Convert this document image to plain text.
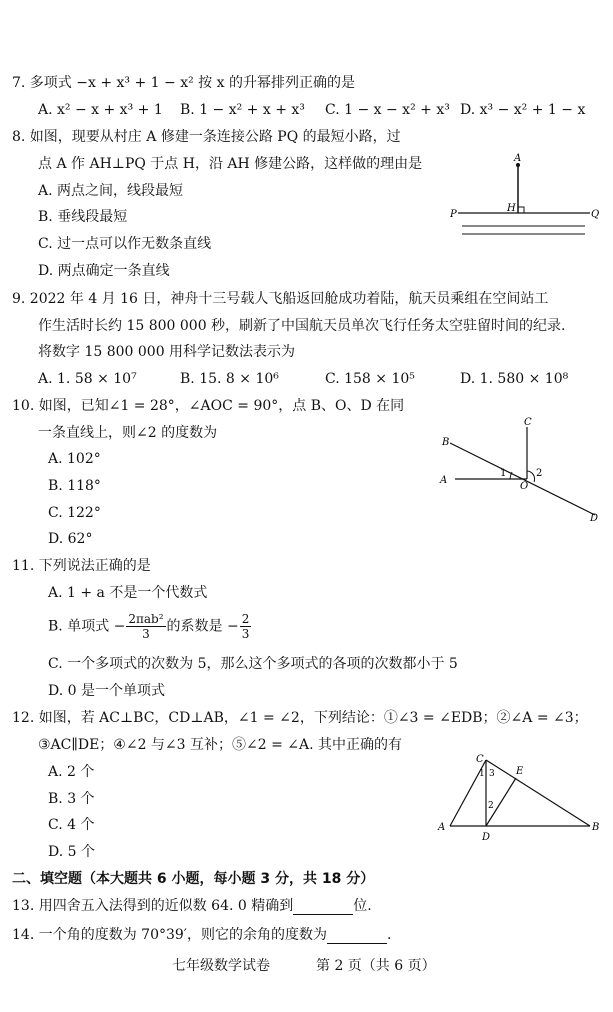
7. 多项式 −x + x³ + 1 − x² 按 x 的升幂排列正确的是
A. x² − x + x³ + 1 B. 1 − x² + x + x³ C. 1 − x − x² + x³ D. x³ − x² + 1 − x
8. 如图，现要从村庄 A 修建一条连接公路 PQ 的最短小路，过
点 A 作 AH⊥PQ 于点 H，沿 AH 修建公路，这样做的理由是
A. 两点之间，线段最短
B. 垂线段最短
C. 过一点可以作无数条直线
D. 两点确定一条直线
A
H
P	Q
9. 2022 年 4 月 16 日，神舟十三号载人飞船返回舱成功着陆，航天员乘组在空间站工
作生活时长约 15 800 000 秒，刷新了中国航天员单次飞行任务太空驻留时间的纪录.
将数字 15 800 000 用科学记数法表示为
A. 1. 58 × 10⁷	B. 15. 8 × 10⁶	C. 158 × 10⁵	D. 1. 580 × 10⁸
10. 如图，已知∠1 = 28°，∠AOC = 90°，点 B、O、D 在同
一条直线上，则∠2 的度数为
A. 102°
B. 118°
C. 122°
D. 62°
B
A
C
D
O
1	2
11. 下列说法正确的是
A. 1 + a 不是一个代数式
B. 单项式 − $\frac{\text{2πab²}}{3}$ 的系数是 − $\frac{2}{3}$
C. 一个多项式的次数为 5，那么这个多项式的各项的次数都小于 5
D. 0 是一个单项式
12. 如图，若 AC⊥BC，CD⊥AB，∠1 = ∠2，下列结论：①∠3 = ∠EDB；②∠A = ∠3；
③AC∥DE；④∠2 与∠3 互补；⑤∠2 = ∠A. 其中正确的有
A. 2 个
B. 3 个
C. 4 个
D. 5 个
A	B
C
D
E
1 3
2
二、填空题（本大题共 6 小题，每小题 3 分，共 18 分）
13. 用四舍五入法得到的近似数 64. 0 精确到	位.
14. 一个角的度数为 70°39′，则它的余角的度数为	.
七年级数学试卷	第 2 页（共 6 页）
